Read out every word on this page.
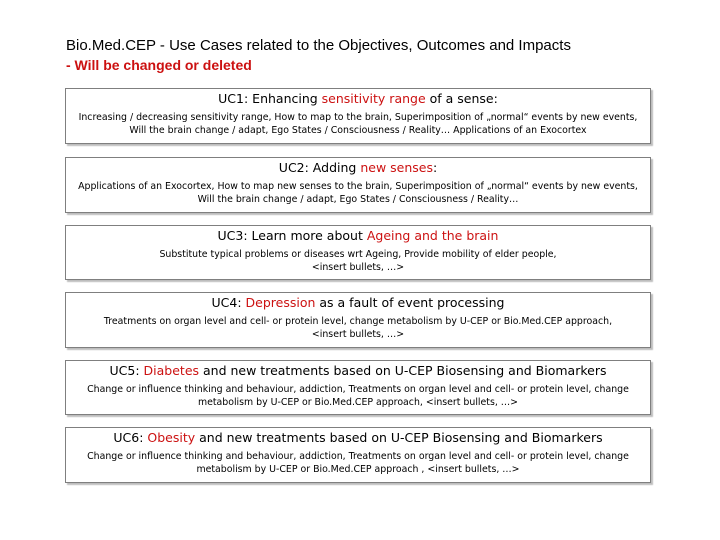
Bio.Med.CEP - Use Cases related to the Objectives, Outcomes and Impacts
- Will be changed or deleted
UC1: Enhancing sensitivity range of a sense:
Increasing / decreasing sensitivity range, How to map to the brain, Superimposition of „normal“ events by new events,
Will the brain change / adapt, Ego States / Consciousness / Reality… Applications of an Exocortex
UC2: Adding new senses:
Applications of an Exocortex, How to map new senses to the brain, Superimposition of „normal“ events by new events,
Will the brain change / adapt, Ego States / Consciousness / Reality…
UC3: Learn more about Ageing and the brain
Substitute typical problems or diseases wrt Ageing, Provide mobility of elder people,
<insert bullets, …>
UC4: Depression as a fault of event processing
Treatments on organ level and cell- or protein level, change metabolism by U-CEP or Bio.Med.CEP approach,
<insert bullets, …>
UC5: Diabetes and new treatments based on U-CEP Biosensing and Biomarkers
Change or influence thinking and behaviour, addiction, Treatments on organ level and cell- or protein level, change
metabolism by U-CEP or Bio.Med.CEP approach, <insert bullets, …>
UC6: Obesity and new treatments based on U-CEP Biosensing and Biomarkers
Change or influence thinking and behaviour, addiction, Treatments on organ level and cell- or protein level, change
metabolism by U-CEP or Bio.Med.CEP approach , <insert bullets, …>
